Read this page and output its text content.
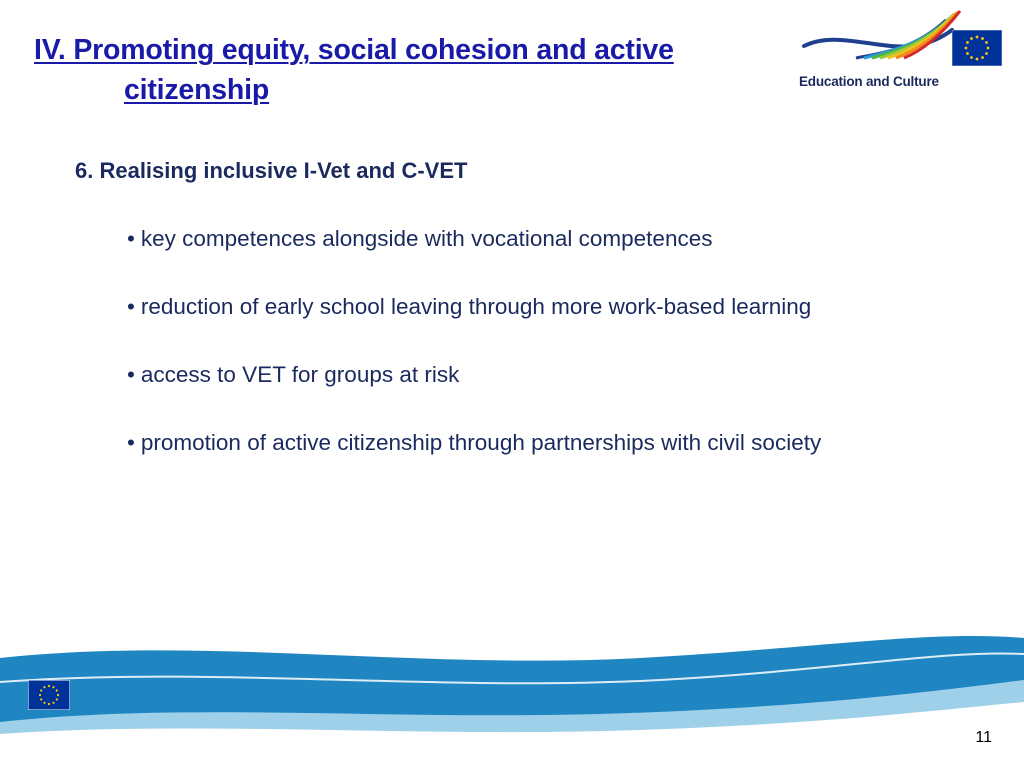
IV. Promoting equity, social cohesion and active
citizenship	Education and Culture
6. Realising inclusive I-Vet and C-VET
• key competences alongside with vocational competences
• reduction of early school leaving through more work-based learning
• access to VET for groups at risk
• promotion of active citizenship through partnerships with civil society
11
